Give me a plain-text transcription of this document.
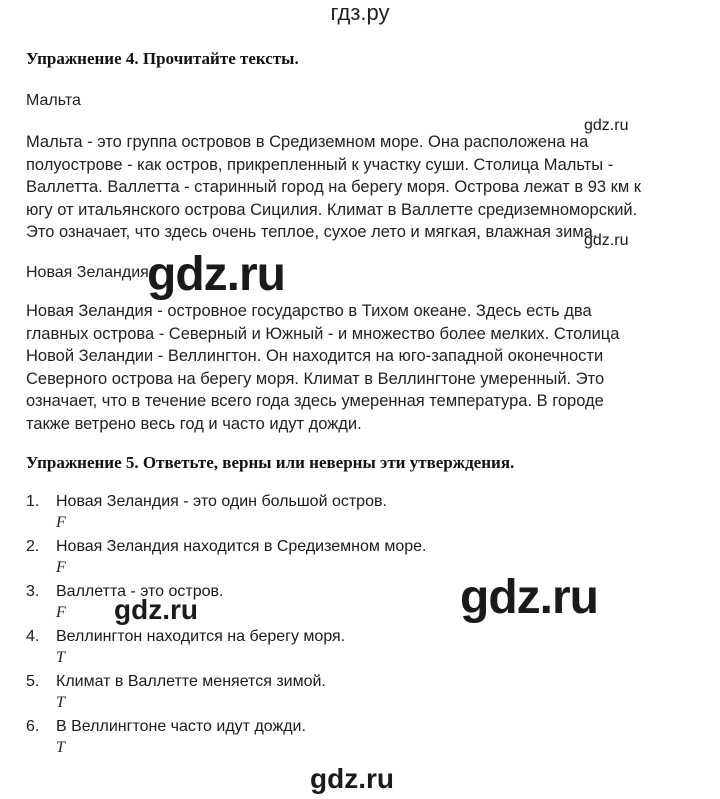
гдз.ру
Упражнение 4. Прочитайте тексты.
Мальта

Мальта - это группа островов в Средиземном море. Она расположена на
полуострове - как остров, прикрепленный к участку суши. Столица Мальты -
Валлетта. Валлетта - старинный город на берегу моря. Острова лежат в 93 км к
югу от итальянского острова Сицилия. Климат в Валлетте средиземноморский.
Это означает, что здесь очень теплое, сухое лето и мягкая, влажная зима.

Новая Зеландия

Новая Зеландия - островное государство в Тихом океане. Здесь есть два
главных острова - Северный и Южный - и множество более мелких. Столица
Новой Зеландии - Веллингтон. Он находится на юго-западной оконечности
Северного острова на берегу моря. Климат в Веллингтоне умеренный. Это
означает, что в течение всего года здесь умеренная температура. В городе
также ветрено весь год и часто идут дожди.

Упражнение 5. Ответьте, верны или неверны эти утверждения.
1.	Новая Зеландия - это один большой остров.
F
2.	Новая Зеландия находится в Средиземном море.
F
3.	Валлетта - это остров.
F
4.	Веллингтон находится на берегу моря.
T
5.	Климат в Валлетте меняется зимой.
T
6.	В Веллингтоне часто идут дожди.
T
gdz.ru
gdz.ru
gdz.ru
gdz.ru
gdz.ru
gdz.ru
